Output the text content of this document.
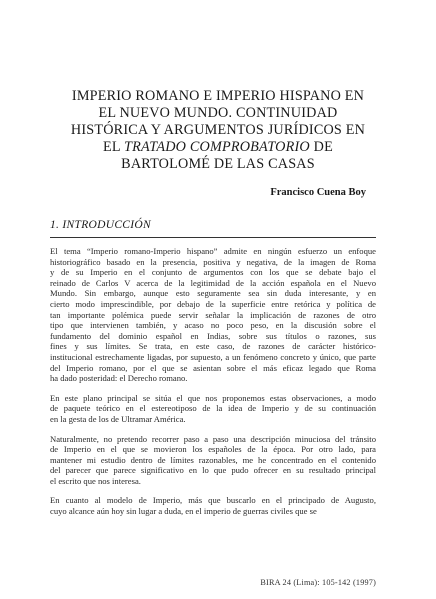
IMPERIO ROMANO E IMPERIO HISPANO EN
EL NUEVO MUNDO. CONTINUIDAD
HISTÓRICA Y ARGUMENTOS JURÍDICOS EN
EL TRATADO COMPROBATORIO DE
BARTOLOMÉ DE LAS CASAS
Francisco Cuena Boy
1. INTRODUCCIÓN

El tema “Imperio romano-Imperio hispano” admite en ningún esfuerzo un enfoque
historiográfico basado en la presencia, positiva y negativa, de la imagen de Roma
y de su Imperio en el conjunto de argumentos con los que se debate bajo el
reinado de Carlos V acerca de la legitimidad de la acción española en el Nuevo
Mundo. Sin embargo, aunque esto seguramente sea sin duda interesante, y en
cierto modo imprescindible, por debajo de la superficie entre retórica y política de
tan importante polémica puede servir señalar la implicación de razones de otro
tipo que intervienen también, y acaso no poco peso, en la discusión sobre el
fundamento del dominio español en Indias, sobre sus títulos o razones, sus
fines y sus límites. Se trata, en este caso, de razones de carácter histórico-
institucional estrechamente ligadas, por supuesto, a un fenómeno concreto y único, que parte
del Imperio romano, por el que se asientan sobre el más eficaz legado que Roma
ha dado posteridad: el Derecho romano.

En este plano principal se sitúa el que nos proponemos estas observaciones, a modo
de paquete teórico en el estereotiposo de la idea de Imperio y de su continuación
en la gesta de los de Ultramar América.

Naturalmente, no pretendo recorrer paso a paso una descripción minuciosa del tránsito
de Imperio en el que se movieron los españoles de la época. Por otro lado, para
mantener mi estudio dentro de límites razonables, me he concentrado en el contenido
del parecer que parece significativo en lo que pudo ofrecer en su resultado principal
el escrito que nos interesa.

En cuanto al modelo de Imperio, más que buscarlo en el principado de Augusto,
cuyo alcance aún hoy sin lugar a duda, en el imperio de guerras civiles que se

BIRA 24 (Lima): 105-142 (1997)
